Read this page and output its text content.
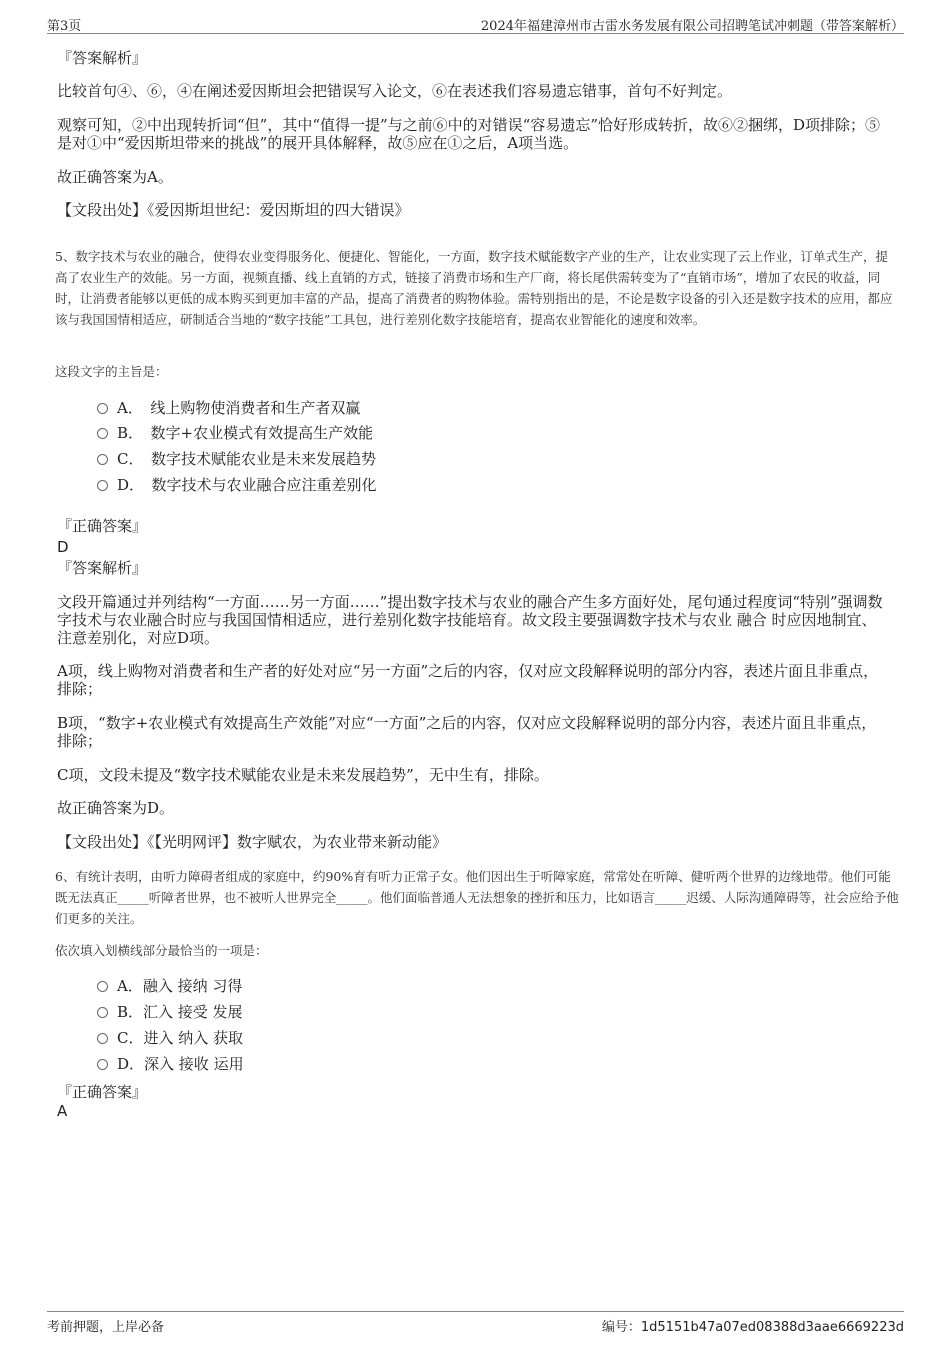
第3页	2024年福建漳州市古雷水务发展有限公司招聘笔试冲刺题（带答案解析）
『答案解析』
比较首句④、⑥，④在阐述爱因斯坦会把错误写入论文，⑥在表述我们容易遗忘错事，首句不好判定。
观察可知，②中出现转折词“但”，其中“值得一提”与之前⑥中的对错误“容易遗忘”恰好形成转折，故⑥②捆绑，D项排除；⑤是对①中“爱因斯坦带来的挑战”的展开具体解释，故⑤应在①之后，A项当选。
故正确答案为A。
【文段出处】《爱因斯坦世纪：爱因斯坦的四大错误》
5、数字技术与农业的融合，使得农业变得服务化、便捷化、智能化，一方面，数字技术赋能数字产业的生产，让农业实现了云上作业，订单式生产，提高了农业生产的效能。另一方面，视频直播、线上直销的方式，链接了消费市场和生产厂商，将长尾供需转变为了“直销市场”，增加了农民的收益，同时，让消费者能够以更低的成本购买到更加丰富的产品，提高了消费者的购物体验。需特别指出的是，不论是数字设备的引入还是数字技术的应用，都应该与我国国情相适应，研制适合当地的“数字技能”工具包，进行差别化数字技能培育，提高农业智能化的速度和效率。
这段文字的主旨是：
A．　线上购物使消费者和生产者双赢
B．　数字+农业模式有效提高生产效能
C．　数字技术赋能农业是未来发展趋势
D．　数字技术与农业融合应注重差别化
『正确答案』
D
『答案解析』
文段开篇通过并列结构“一方面……另一方面……”提出数字技术与农业的融合产生多方面好处，尾句通过程度词“特别”强调数字技术与农业融合时应与我国国情相适应，进行差别化数字技能培育。故文段主要强调数字技术与农业 融合 时应因地制宜、注意差别化，对应D项。
A项，线上购物对消费者和生产者的好处对应“另一方面”之后的内容，仅对应文段解释说明的部分内容，表述片面且非重点，排除；
B项，“数字+农业模式有效提高生产效能”对应“一方面”之后的内容，仅对应文段解释说明的部分内容，表述片面且非重点，排除；
C项，文段未提及“数字技术赋能农业是未来发展趋势”，无中生有，排除。
故正确答案为D。
【文段出处】《【光明网评】数字赋农，为农业带来新动能》
6、有统计表明，由听力障碍者组成的家庭中，约90%育有听力正常子女。他们因出生于听障家庭，常常处在听障、健听两个世界的边缘地带。他们可能既无法真正_____听障者世界，也不被听人世界完全_____。他们面临普通人无法想象的挫折和压力，比如语言_____迟缓、人际沟通障碍等，社会应给予他们更多的关注。
依次填入划横线部分最恰当的一项是：
A．融入 接纳 习得
B．汇入 接受 发展
C．进入 纳入 获取
D．深入 接收 运用
『正确答案』
A
考前押题，上岸必备	编号：1d5151b47a07ed08388d3aae6669223d
